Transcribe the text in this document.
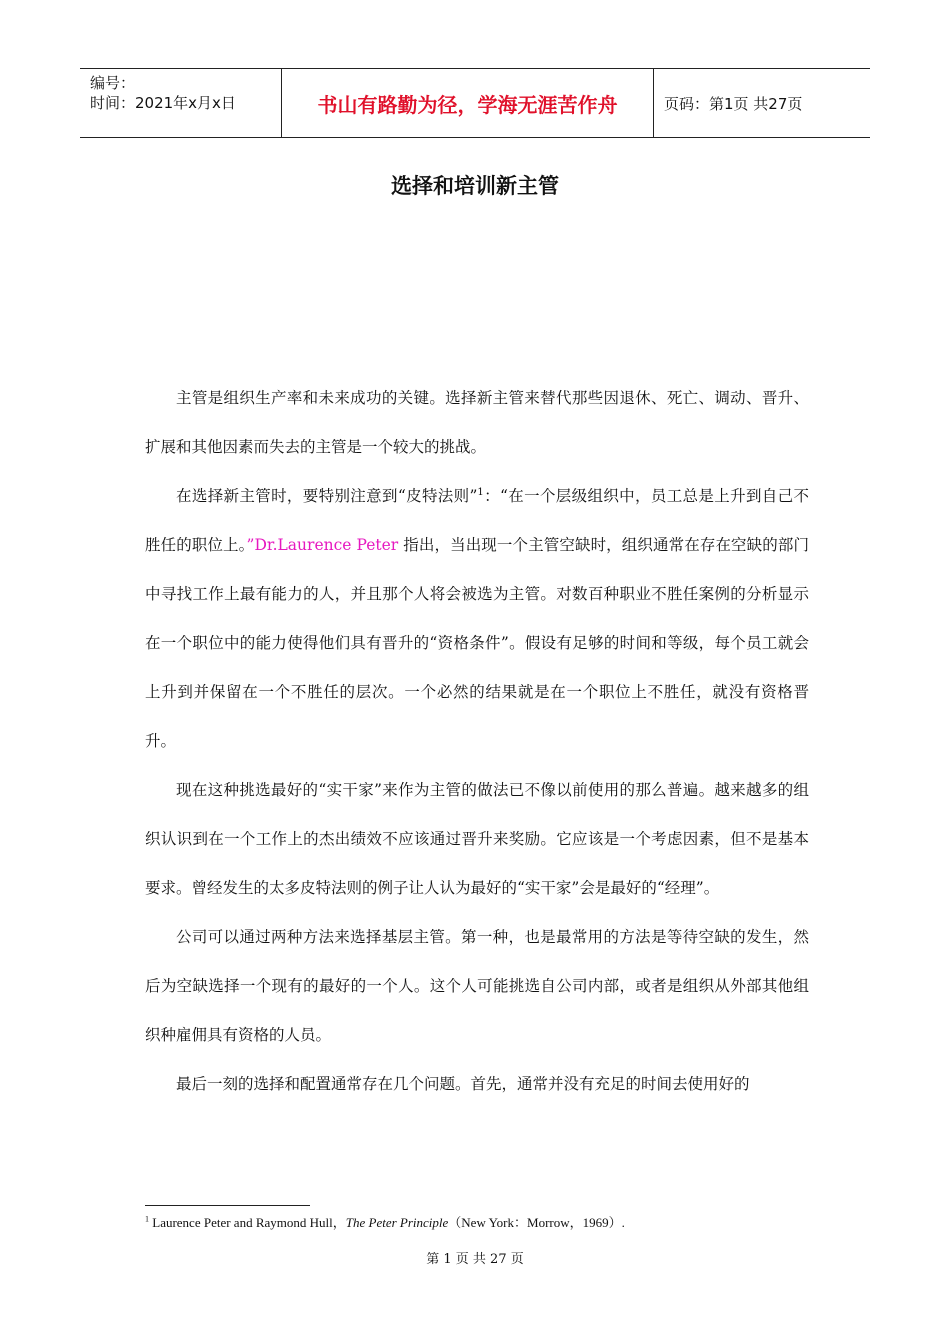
编号：
时间：2021年x月x日	书山有路勤为径，学海无涯苦作舟	页码：第1页 共27页
选择和培训新主管

主管是组织生产率和未来成功的关键。选择新主管来替代那些因退休、死亡、调动、晋升、扩展和其他因素而失去的主管是一个较大的挑战。

在选择新主管时，要特别注意到“皮特法则”$^1$：“在一个层级组织中，员工总是上升到自己不胜任的职位上。”Dr.Laurence Peter 指出，当出现一个主管空缺时，组织通常在存在空缺的部门中寻找工作上最有能力的人，并且那个人将会被选为主管。对数百种职业不胜任案例的分析显示在一个职位中的能力使得他们具有晋升的“资格条件”。假设有足够的时间和等级，每个员工就会上升到并保留在一个不胜任的层次。一个必然的结果就是在一个职位上不胜任，就没有资格晋升。

现在这种挑选最好的“实干家”来作为主管的做法已不像以前使用的那么普遍。越来越多的组织认识到在一个工作上的杰出绩效不应该通过晋升来奖励。它应该是一个考虑因素，但不是基本要求。曾经发生的太多皮特法则的例子让人认为最好的“实干家”会是最好的“经理”。

公司可以通过两种方法来选择基层主管。第一种，也是最常用的方法是等待空缺的发生，然后为空缺选择一个现有的最好的一个人。这个人可能挑选自公司内部，或者是组织从外部其他组织种雇佣具有资格的人员。

最后一刻的选择和配置通常存在几个问题。首先，通常并没有充足的时间去使用好的

$^1$ Laurence Peter and Raymond Hull，The Peter Principle（New York：Morrow，1969）.
第 1 页 共 27 页
